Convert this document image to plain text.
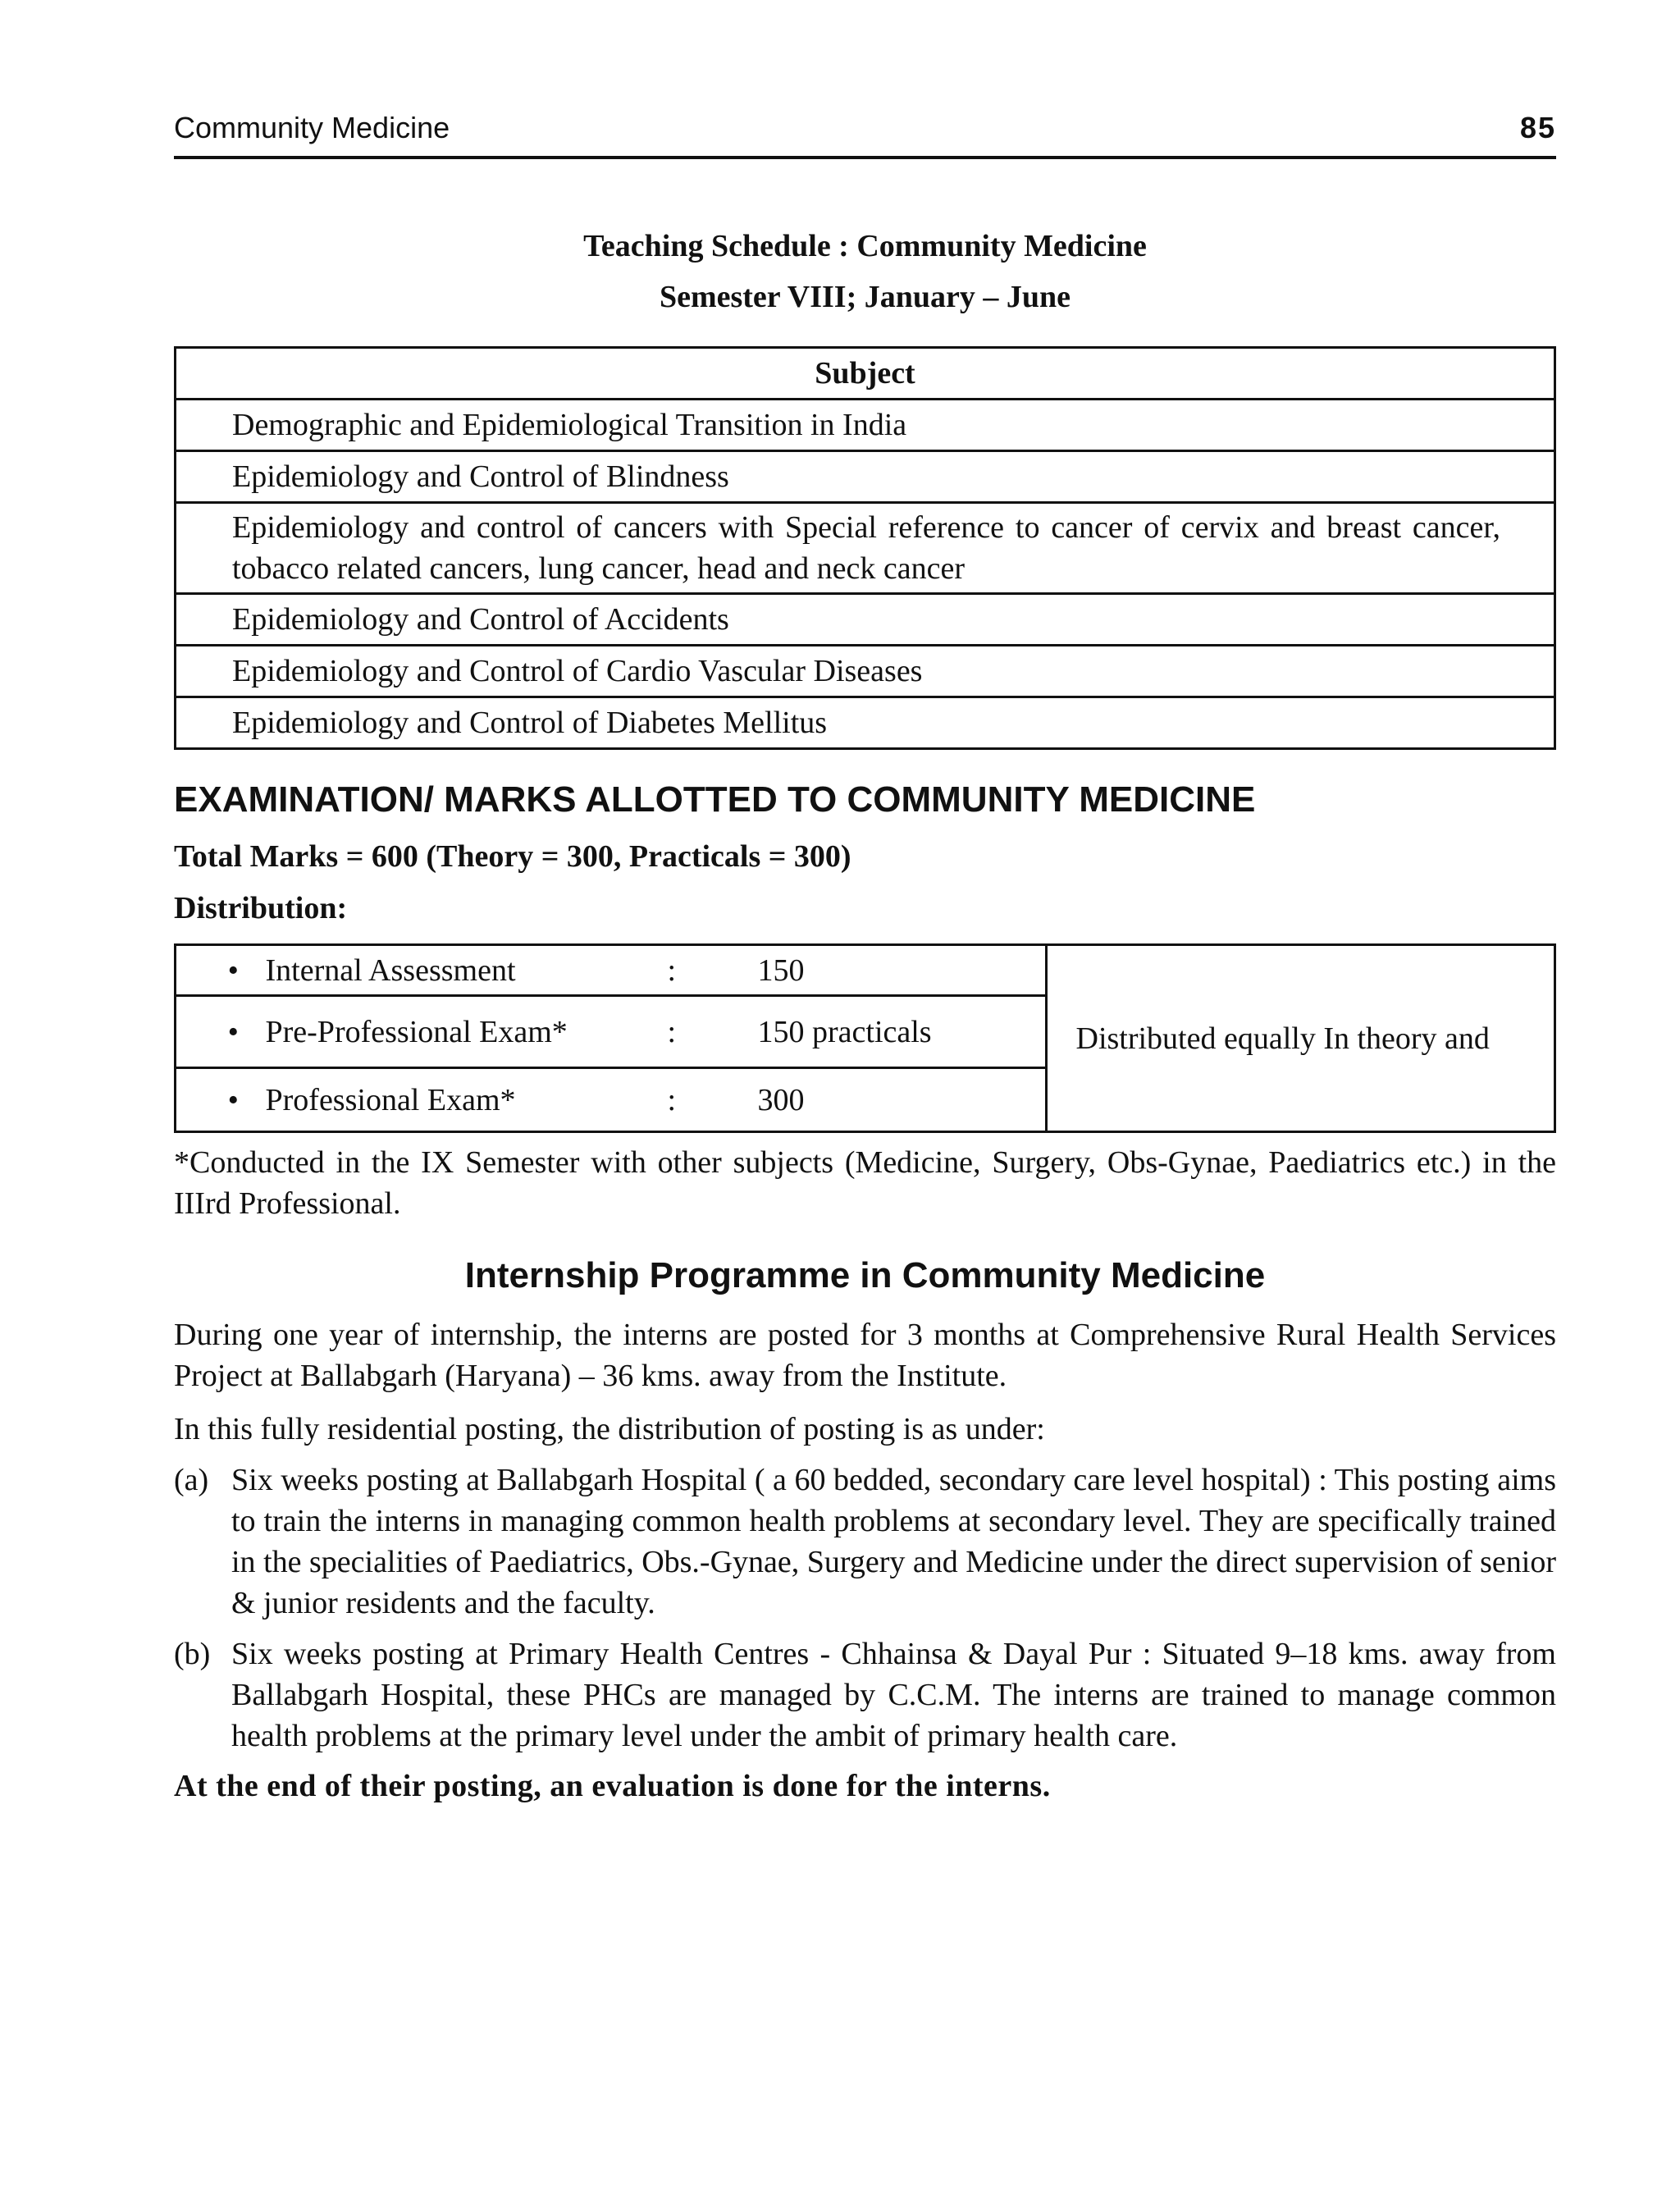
Community Medicine	85
Teaching Schedule : Community Medicine
Semester VIII; January – June
Subject
Demographic and Epidemiological Transition in India
Epidemiology and Control of Blindness
Epidemiology and control of cancers with Special reference to cancer of cervix and breast cancer, tobacco related cancers, lung cancer, head and neck cancer
Epidemiology and Control of Accidents
Epidemiology and Control of Cardio Vascular Diseases
Epidemiology and Control of Diabetes Mellitus
EXAMINATION/ MARKS ALLOTTED TO COMMUNITY MEDICINE
Total Marks = 600 (Theory = 300, Practicals = 300)
Distribution:
•	Internal Assessment	:	150	Distributed equally In theory and
•	Pre-Professional Exam*	:	150 practicals	
•	Professional Exam*	:	300	
*Conducted in the IX Semester with other subjects (Medicine, Surgery, Obs-Gynae, Paediatrics etc.) in the IIIrd Professional.
Internship Programme in Community Medicine
During one year of internship, the interns are posted for 3 months at Comprehensive Rural Health Services Project at Ballabgarh (Haryana) – 36 kms. away from the Institute.
In this fully residential posting, the distribution of posting is as under:
(a) Six weeks posting at Ballabgarh Hospital ( a 60 bedded, secondary care level hospital) : This posting aims to train the interns in managing common health problems at secondary level. They are specifically trained in the specialities of Paediatrics, Obs.-Gynae, Surgery and Medicine under the direct supervision of senior & junior residents and the faculty.
(b) Six weeks posting at Primary Health Centres - Chhainsa & Dayal Pur : Situated 9–18 kms. away from Ballabgarh Hospital, these PHCs are managed by C.C.M. The interns are trained to manage common health problems at the primary level under the ambit of primary health care.
At the end of their posting, an evaluation is done for the interns.
